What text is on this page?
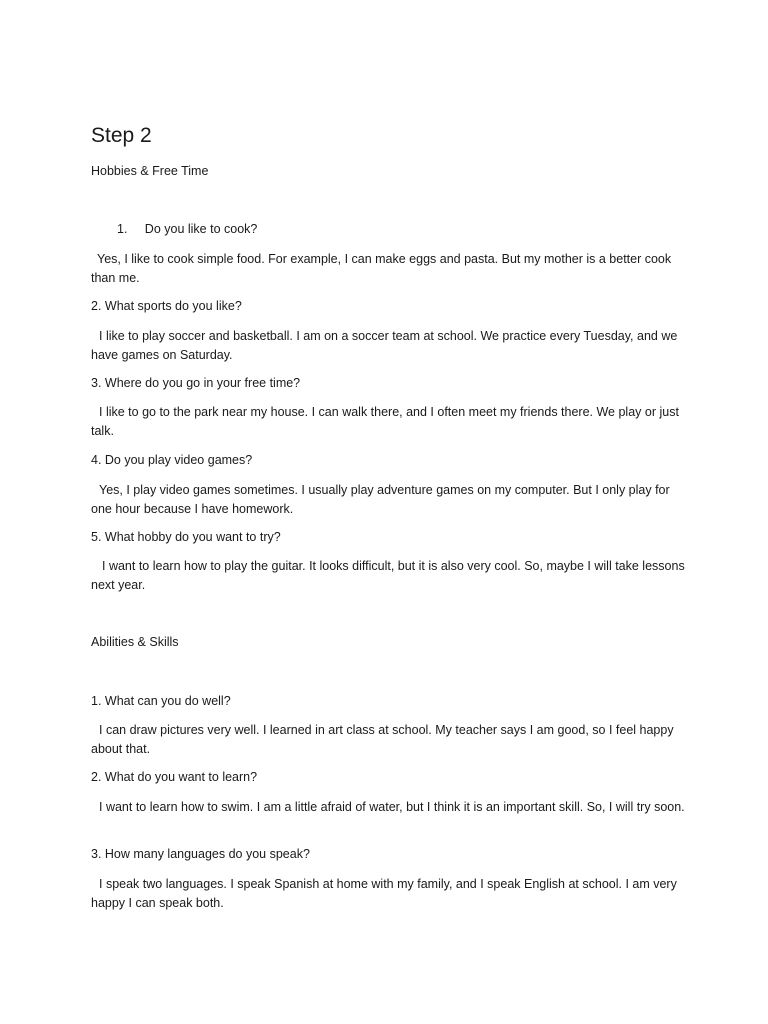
Step 2
Hobbies & Free Time
1.     Do you like to cook?
Yes, I like to cook simple food. For example, I can make eggs and pasta. But my mother is a better cook than me.
2. What sports do you like?
I like to play soccer and basketball. I am on a soccer team at school. We practice every Tuesday, and we have games on Saturday.
3. Where do you go in your free time?
I like to go to the park near my house. I can walk there, and I often meet my friends there. We play or just talk.
4. Do you play video games?
Yes, I play video games sometimes. I usually play adventure games on my computer. But I only play for one hour because I have homework.
5. What hobby do you want to try?
I want to learn how to play the guitar. It looks difficult, but it is also very cool. So, maybe I will take lessons next year.
Abilities & Skills
1. What can you do well?
I can draw pictures very well. I learned in art class at school. My teacher says I am good, so I feel happy about that.
2. What do you want to learn?
I want to learn how to swim. I am a little afraid of water, but I think it is an important skill. So, I will try soon.
3. How many languages do you speak?
I speak two languages. I speak Spanish at home with my family, and I speak English at school. I am very happy I can speak both.
